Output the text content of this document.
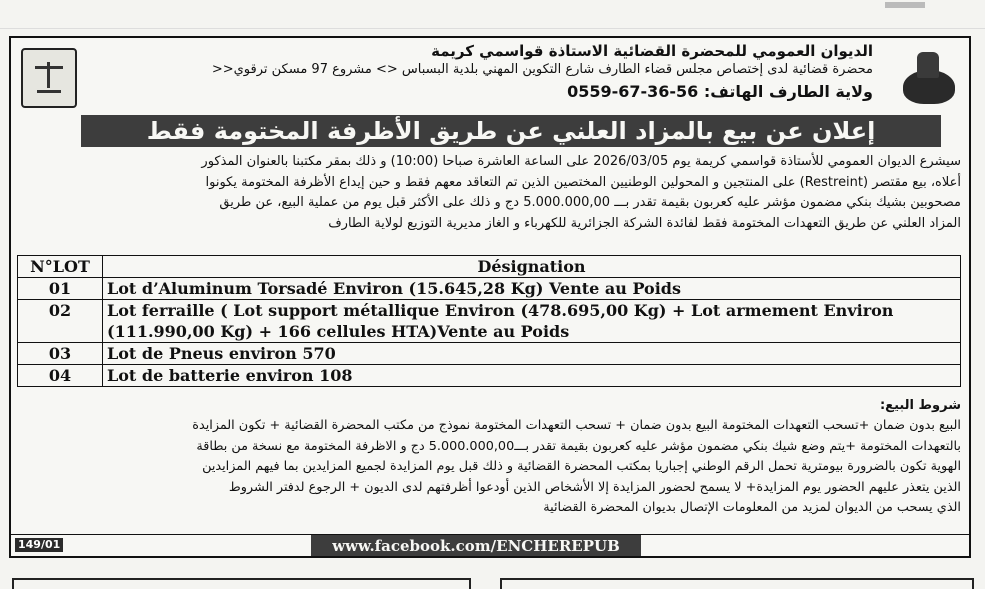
الديوان العمومي للمحضرة القضائية الاستاذة قواسمي كريمة
محضرة قضائية لدى إختصاص مجلس قضاء الطارف شارع التكوين المهني بلدية البسباس <> مشروع 97 مسكن ترقوي<<
ولاية الطارف الهاتف: 56-36-67-0559
إعلان عن بيع بالمزاد العلني عن طريق الأظرفة المختومة فقط
سيشرع الديوان العمومي للأستاذة قواسمي كريمة يوم 2026/03/05 على الساعة العاشرة صباحا (10:00) و ذلك بمقر مكتبنا بالعنوان المذكور
أعلاه، بيع مقتصر (Restreint) على المنتجين و المحولين الوطنيين المختصين الذين تم التعاقد معهم فقط و حين إيداع الأظرفة المختومة يكونوا
مصحوبين بشيك بنكي مضمون مؤشر عليه كعربون بقيمة تقدر بـــ 5.000.000,00 دج و ذلك على الأكثر قبل يوم من عملية البيع، عن طريق
المزاد العلني عن طريق التعهدات المختومة فقط لفائدة الشركة الجزائرية للكهرباء و الغاز مديرية التوزيع لولاية الطارف
N°LOT	Désignation
01	Lot d’Aluminum Torsadé Environ (15.645,28 Kg) Vente au Poids
02	Lot ferraille ( Lot support métallique Environ (478.695,00 Kg) + Lot armement Environ (111.990,00 Kg) + 166 cellules HTA)Vente au Poids
03	Lot de Pneus environ 570
04	Lot de batterie environ 108
شروط البيع:
البيع بدون ضمان +تسحب التعهدات المختومة البيع بدون ضمان + تسحب التعهدات المختومة نموذج من مكتب المحضرة القضائية + تكون المزايدة
بالتعهدات المختومة +يتم وضع شيك بنكي مضمون مؤشر عليه كعربون بقيمة تقدر بـــ5.000.000,00 دج و الاظرفة المختومة مع نسخة من بطاقة
الهوية تكون بالضرورة بيومترية تحمل الرقم الوطني إجباريا بمكتب المحضرة القضائية و ذلك قبل يوم المزايدة لجميع المزايدين بما فيهم المزايدين
الذين يتعذر عليهم الحضور يوم المزايدة+ لا يسمح لحضور المزايدة إلا الأشخاص الذين أودعوا أظرفتهم لدى الديون + الرجوع لدفتر الشروط
الذي يسحب من الديوان لمزيد من المعلومات الإتصال بديوان المحضرة القضائية
149/01	www.facebook.com/ENCHEREPUB
